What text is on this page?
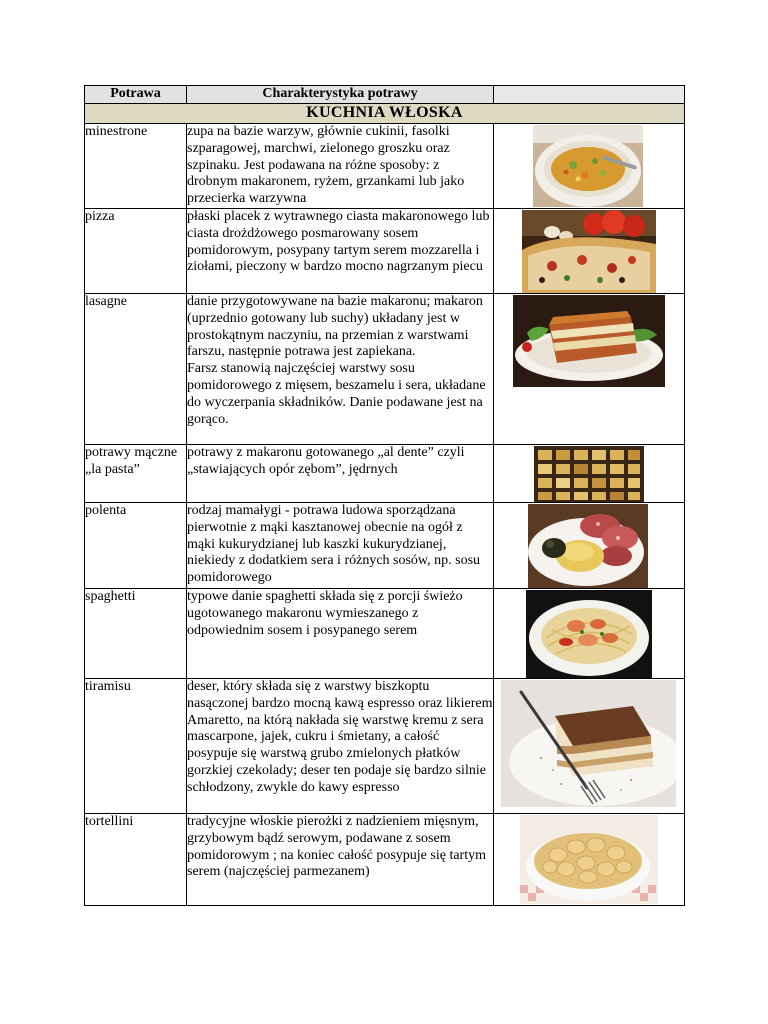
Potrawa	Charakterystyka potrawy	
KUCHNIA WŁOSKA		
minestrone	zupa na bazie warzyw, głównie cukinii, fasolki szparagowej, marchwi, zielonego groszku oraz szpinaku. Jest podawana na różne sposoby: z drobnym makaronem, ryżem, grzankami lub jako przecierka warzywna	

pizza	płaski placek z wytrawnego ciasta makaronowego lub ciasta drożdżowego posmarowany sosem pomidorowym, posypany tartym serem mozzarella i ziołami, pieczony w bardzo mocno nagrzanym piecu	

lasagne	danie przygotowywane na bazie makaronu; makaron (uprzednio gotowany lub suchy) układany jest w prostokątnym naczyniu, na przemian z warstwami farszu, następnie potrawa jest zapiekana.
Farsz stanowią najczęściej warstwy sosu pomidorowego z mięsem, beszamelu i sera, układane do wyczerpania składników. Danie podawane jest na gorąco.	

potrawy mączne „la pasta”	potrawy z makaronu gotowanego „al dente” czyli „stawiających opór zębom”, jędrnych	

polenta	rodzaj mamałygi - potrawa ludowa sporządzana pierwotnie z mąki kasztanowej obecnie na ogół z mąki kukurydzianej lub kaszki kukurydzianej, niekiedy z dodatkiem sera i różnych sosów, np. sosu pomidorowego	

spaghetti	typowe danie spaghetti składa się z porcji świeżo ugotowanego makaronu wymieszanego z odpowiednim sosem i posypanego serem	

tiramisu	deser, który składa się z warstwy biszkoptu nasączonej bardzo mocną kawą espresso oraz likierem Amaretto, na którą nakłada się warstwę kremu z sera mascarpone, jajek, cukru i śmietany, a całość posypuje się warstwą grubo zmielonych płatków gorzkiej czekolady; deser ten podaje się bardzo silnie schłodzony, zwykle do kawy espresso	

tortellini	tradycyjne włoskie pierożki z nadzieniem mięsnym, grzybowym bądź serowym, podawane z sosem pomidorowym ; na koniec całość posypuje się tartym serem (najczęściej parmezanem)	
